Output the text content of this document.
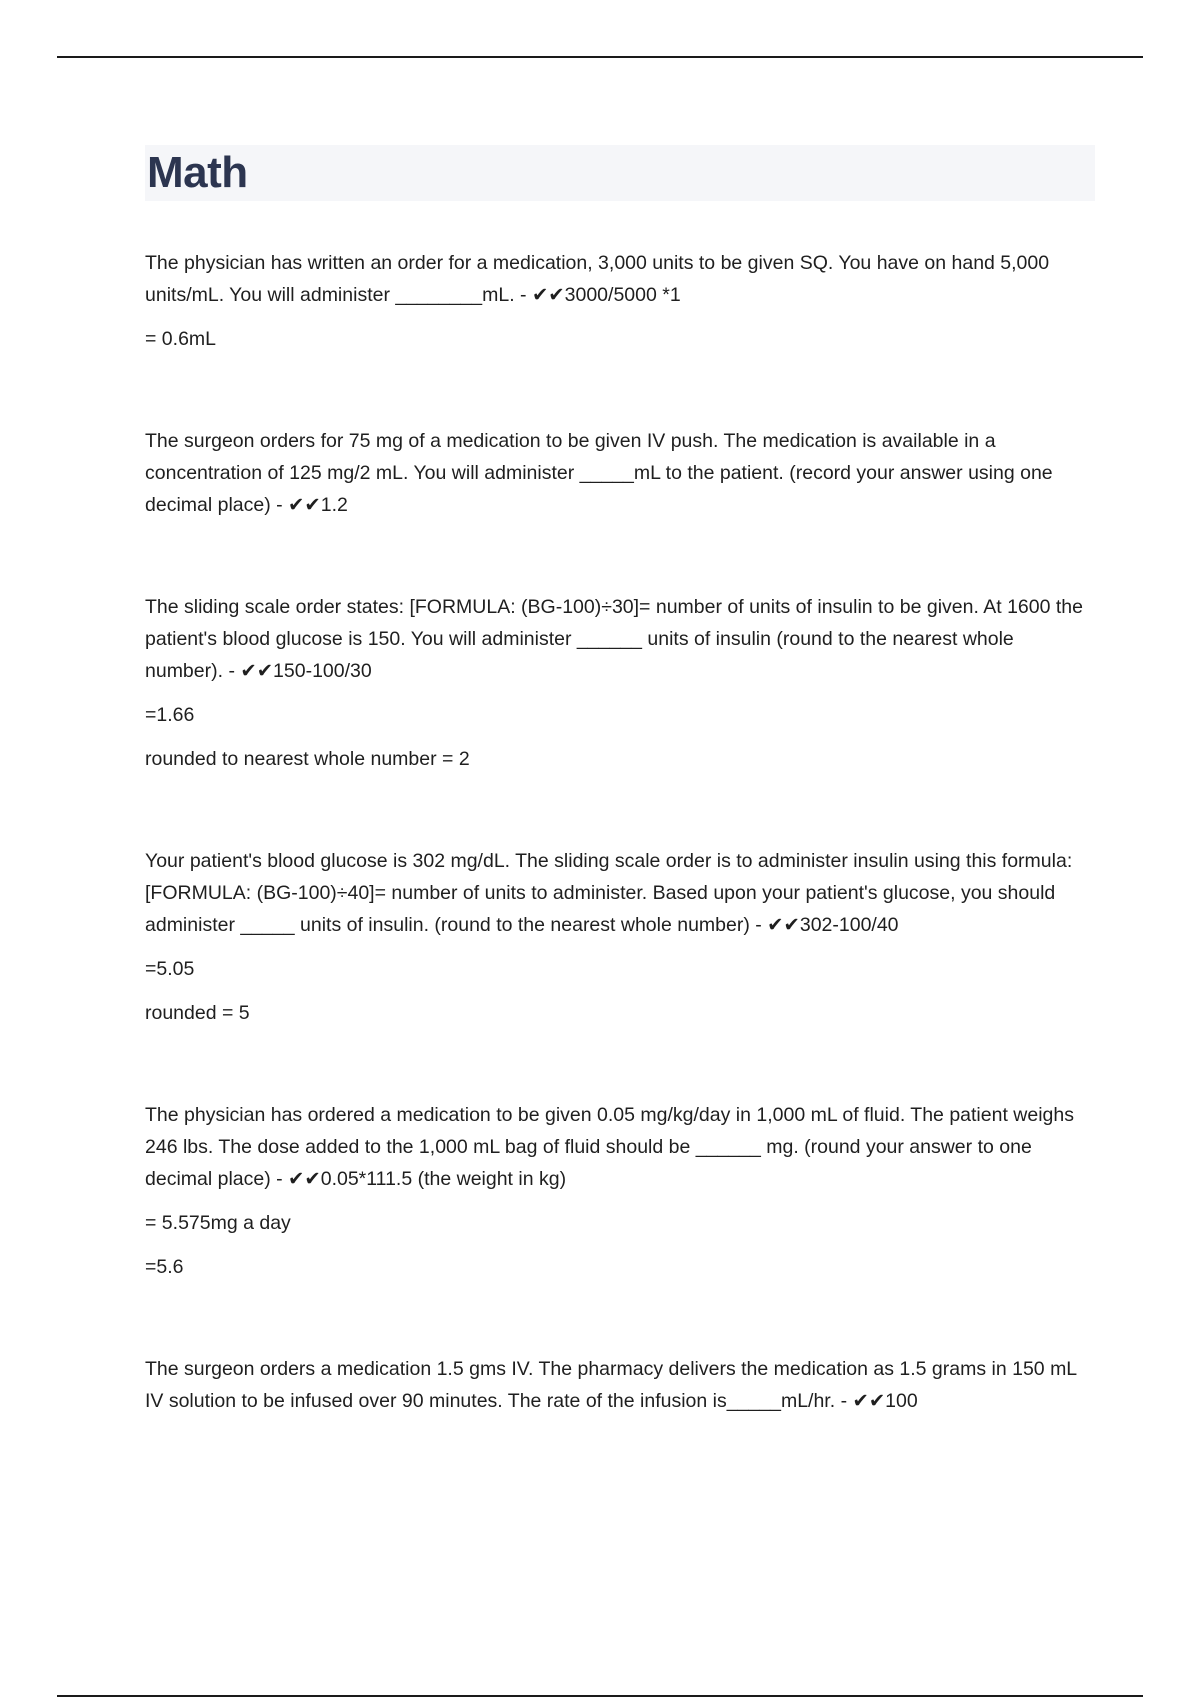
Math

The physician has written an order for a medication, 3,000 units to be given SQ. You have on hand 5,000 units/mL. You will administer ________mL. - ✔✔3000/5000 *1

= 0.6mL

The surgeon orders for 75 mg of a medication to be given IV push. The medication is available in a concentration of 125 mg/2 mL. You will administer _____mL to the patient. (record your answer using one decimal place) - ✔✔1.2

The sliding scale order states: [FORMULA: (BG-100)÷30]= number of units of insulin to be given. At 1600 the patient's blood glucose is 150. You will administer ______ units of insulin (round to the nearest whole number). - ✔✔150-100/30

=1.66

rounded to nearest whole number = 2

Your patient's blood glucose is 302 mg/dL. The sliding scale order is to administer insulin using this formula: [FORMULA: (BG-100)÷40]= number of units to administer. Based upon your patient's glucose, you should administer _____ units of insulin. (round to the nearest whole number) - ✔✔302-100/40

=5.05

rounded = 5

The physician has ordered a medication to be given 0.05 mg/kg/day in 1,000 mL of fluid. The patient weighs 246 lbs. The dose added to the 1,000 mL bag of fluid should be ______ mg. (round your answer to one decimal place) - ✔✔0.05*111.5 (the weight in kg)

= 5.575mg a day

=5.6

The surgeon orders a medication 1.5 gms IV. The pharmacy delivers the medication as 1.5 grams in 150 mL IV solution to be infused over 90 minutes. The rate of the infusion is_____mL/hr. - ✔✔100
